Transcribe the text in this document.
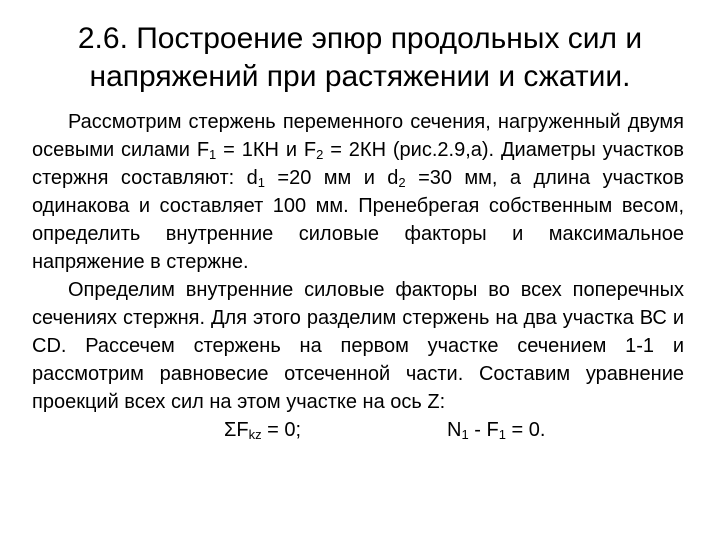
2.6. Построение эпюр продольных сил и
напряжений при растяжении и сжатии.

Рассмотрим стержень переменного сечения, нагруженный двумя осевыми силами $F_1 = 1КН$ и $F_2 = 2КН$ (рис.2.9,а). Диаметры участков стержня составляют: $d_1 =20$ мм и $d_2 =30$ мм, а длина участков одинакова и составляет 100 мм. Пренебрегая собственным весом, определить внутренние силовые факторы и максимальное напряжение в стержне.

Определим внутренние силовые факторы во всех поперечных сечениях стержня. Для этого разделим стержень на два участка ВС и СD. Рассечем стержень на первом участке сечением 1-1 и рассмотрим равновесие отсеченной части. Составим уравнение проекций всех сил на этом участке на ось Z:

$\Sigma F_{kz} = 0$;	$N_1 - F_1 = 0$.
